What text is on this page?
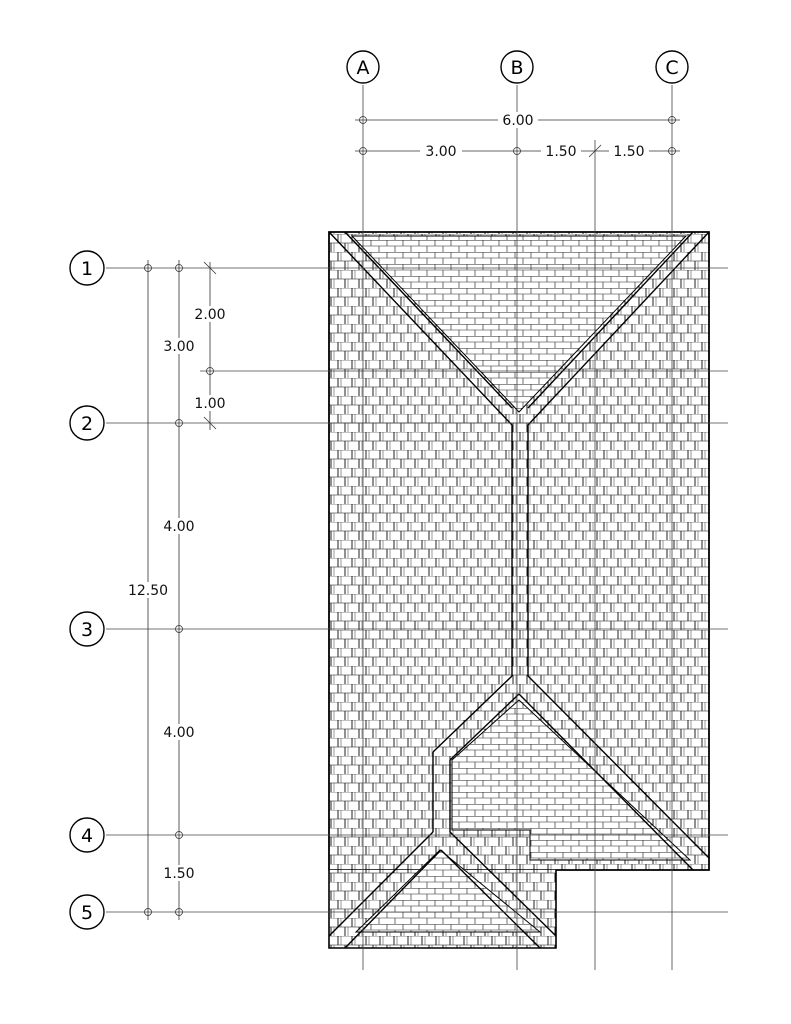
A	B	C
1
2
3
4
5
6.00
3.00	1.50	1.50
12.50
3.00
4.00
4.00
1.50
2.00
1.00
